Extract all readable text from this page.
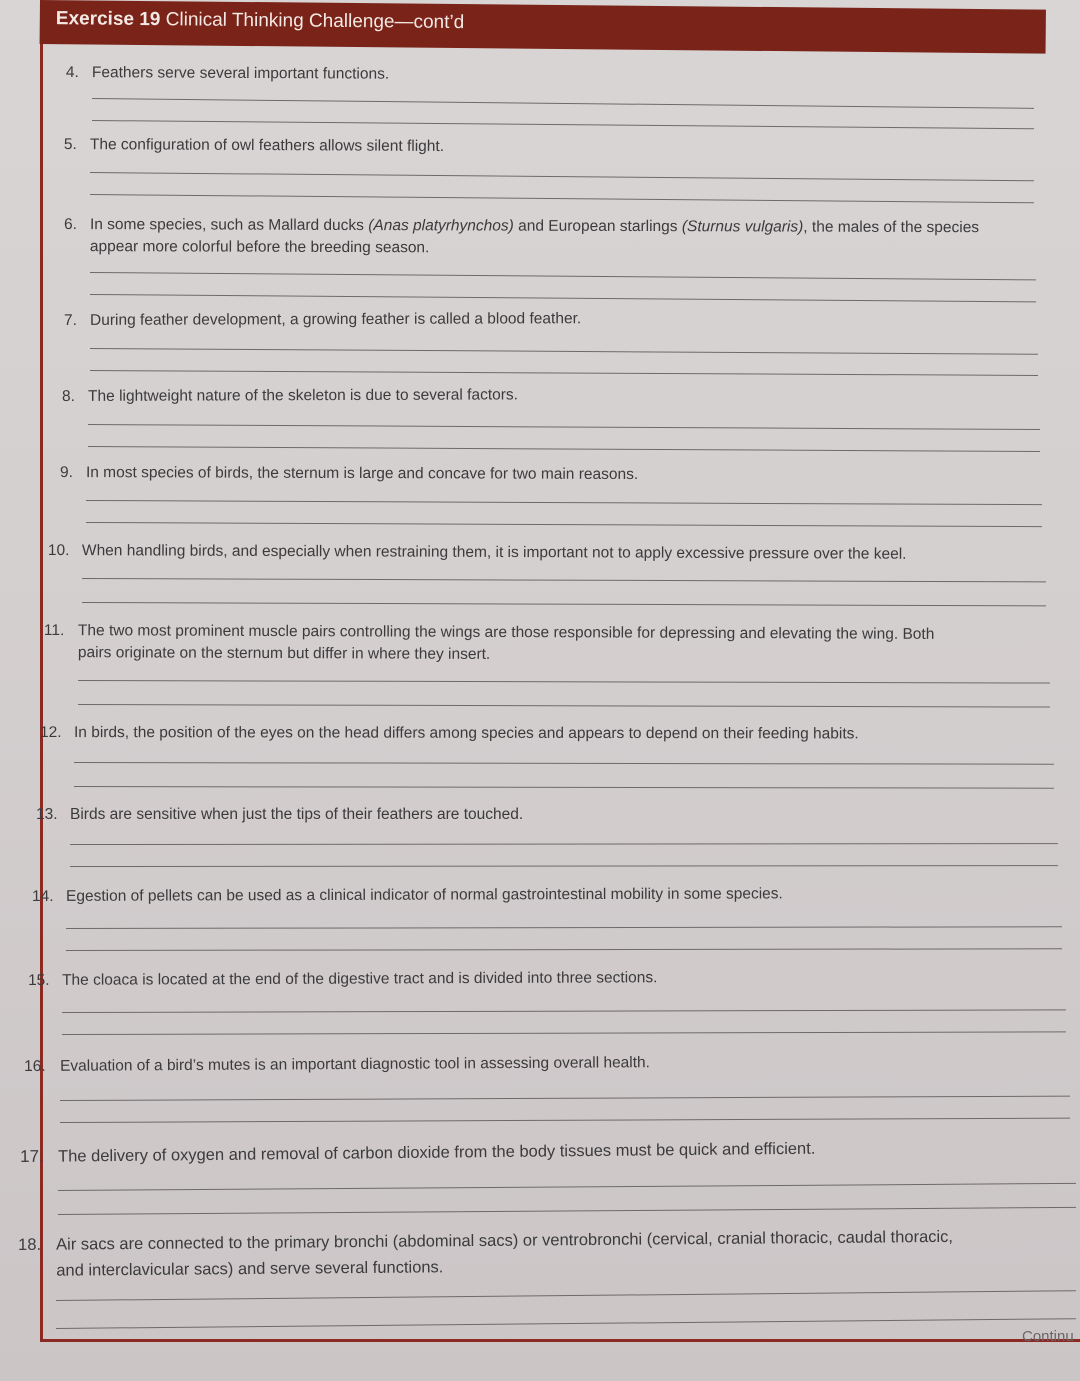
Exercise 19 Clinical Thinking Challenge—cont’d
4. Feathers serve several important functions.
5. The configuration of owl feathers allows silent flight.
6. In some species, such as Mallard ducks (Anas platyrhynchos) and European starlings (Sturnus vulgaris), the males of the species
appear more colorful before the breeding season.
7. During feather development, a growing feather is called a blood feather.
8. The lightweight nature of the skeleton is due to several factors.
9. In most species of birds, the sternum is large and concave for two main reasons.
10. When handling birds, and especially when restraining them, it is important not to apply excessive pressure over the keel.
11. The two most prominent muscle pairs controlling the wings are those responsible for depressing and elevating the wing. Both
pairs originate on the sternum but differ in where they insert.
12. In birds, the position of the eyes on the head differs among species and appears to depend on their feeding habits.
13. Birds are sensitive when just the tips of their feathers are touched.
14. Egestion of pellets can be used as a clinical indicator of normal gastrointestinal mobility in some species.
15. The cloaca is located at the end of the digestive tract and is divided into three sections.
16. Evaluation of a bird’s mutes is an important diagnostic tool in assessing overall health.
17. The delivery of oxygen and removal of carbon dioxide from the body tissues must be quick and efficient.
18. Air sacs are connected to the primary bronchi (abdominal sacs) or ventrobronchi (cervical, cranial thoracic, caudal thoracic,
and interclavicular sacs) and serve several functions.
Continu
